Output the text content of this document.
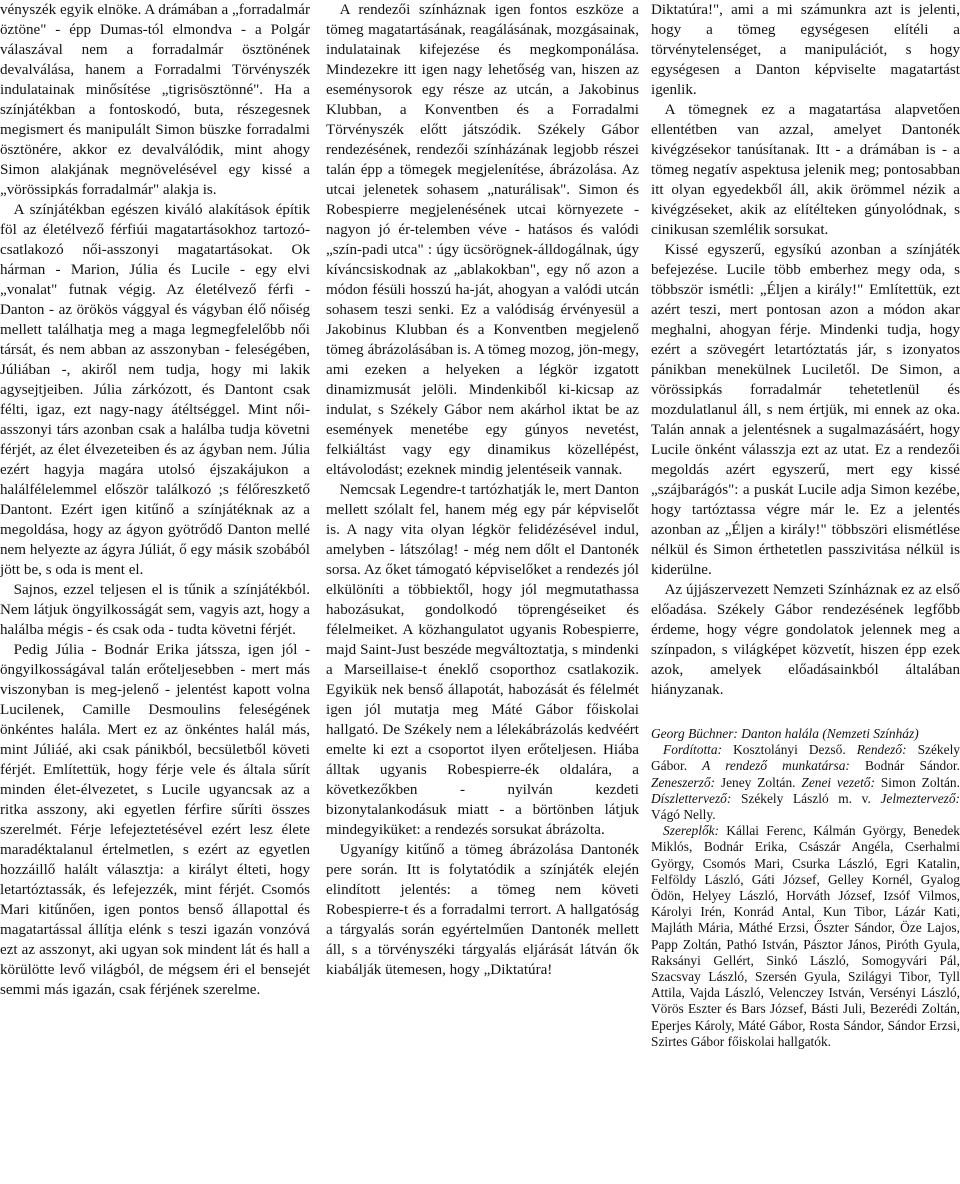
vényszék egyik elnöke. A drámában a „forradalmár öztöne" - épp Dumas-tól elmondva - a Polgár válaszával nem a forradalmár ösztönének devalválása, hanem a Forradalmi Törvényszék indulatainak minősítése „tigrisösztönné". Ha a színjátékban a fontoskodó, buta, részegesnek megismert és manipulált Simon büszke forradalmi ösztönére, akkor ez devalválódik, mint ahogy Simon alakjának megnövelésével egy kissé a „vörössipkás forradalmár" alakja is.

A színjátékban egészen kiváló alakítások építik föl az életélvező férfiúi magatartásokhoz tartozó-csatlakozó női-asszonyi magatartásokat. Ok hárman - Marion, Júlia és Lucile - egy elvi „vonalat" futnak végig. Az életélvező férfi - Danton - az örökös vággyal és vágyban élő nőiség mellett találhatja meg a maga legmegfelelőbb női társát, és nem abban az asszonyban - feleségében, Júliában -, akiről nem tudja, hogy mi lakik agysejtjeiben. Júlia zárkózott, és Dantont csak félti, igaz, ezt nagy-nagy átéltséggel. Mint női-asszonyi társ azonban csak a halálba tudja követni férjét, az élet élvezeteiben és az ágyban nem. Júlia ezért hagyja magára utolsó éjszakájukon a halálfélelemmel először találkozó ;s félőreszkető Dantont. Ezért igen kitűnő a színjátéknak az a megoldása, hogy az ágyon gyötrődő Danton mellé nem helyezte az ágyra Júliát, ő egy másik szobából jött be, s oda is ment el.

Sajnos, ezzel teljesen el is tűnik a színjátékból. Nem látjuk öngyilkosságát sem, vagyis azt, hogy a halálba mégis - és csak oda - tudta követni férjét.

Pedig Júlia - Bodnár Erika játssza, igen jól - öngyilkosságával talán erőteljesebben - mert más viszonyban is meg-jelenő - jelentést kapott volna Lucilenek, Camille Desmoulins feleségének önkéntes halála. Mert ez az önkéntes halál más, mint Júliáé, aki csak pánikból, becsületből követi férjét. Említettük, hogy férje vele és általa sűrít minden élet-élvezetet, s Lucile ugyancsak az a ritka asszony, aki egyetlen férfire sűríti összes szerelmét. Férje lefejeztetésével ezért lesz élete maradéktalanul értelmetlen, s ezért az egyetlen hozzáillő halált választja: a királyt élteti, hogy letartóztassák, és lefejezzék, mint férjét. Csomós Mari kitűnően, igen pontos benső állapottal és magatartással állítja elénk s teszi igazán vonzóvá ezt az asszonyt, aki ugyan sok mindent lát és hall a körülötte levő világból, de mégsem éri el bensejét semmi más igazán, csak férjének szerelme.

A rendezői színháznak igen fontos eszköze a tömeg magatartásának, reagálásának, mozgásainak, indulatainak kifejezése és megkomponálása. Mindezekre itt igen nagy lehetőség van, hiszen az eseménysorok egy része az utcán, a Jakobinus Klubban, a Konventben és a Forradalmi Törvényszék előtt játszódik. Székely Gábor rendezésének, rendezői színházának legjobb részei talán épp a tömegek megjelenítése, ábrázolása. Az utcai jelenetek sohasem „naturálisak". Simon és Robespierre megjelenésének utcai környezete - nagyon jó ér-telemben véve - hatásos és valódi „szín-padi utca" : úgy ücsörögnek-álldogálnak, úgy kíváncsiskodnak az „ablakokban", egy nő azon a módon fésüli hosszú ha-ját, ahogyan a valódi utcán sohasem teszi senki. Ez a valódiság érvényesül a Jakobinus Klubban és a Konventben megjelenő tömeg ábrázolásában is. A tömeg mozog, jön-megy, ami ezeken a helyeken a légkör izgatott dinamizmusát jelöli. Mindenkiből ki-kicsap az indulat, s Székely Gábor nem akárhol iktat be az események menetébe egy gúnyos nevetést, felkiáltást vagy egy dinamikus közellépést, eltávolodást; ezeknek mindig jelentéseik vannak.

Nemcsak Legendre-t tartózhatják le, mert Danton mellett szólalt fel, hanem még egy pár képviselőt is. A nagy vita olyan légkör felidézésével indul, amelyben - látszólag! - még nem dőlt el Dantonék sorsa. Az őket támogató képviselőket a rendezés jól elkülöníti a többiektől, hogy jól megmutathassa habozásukat, gondolkodó töprengéseiket és félelmeiket. A közhangulatot ugyanis Robespierre, majd Saint-Just beszéde megváltoztatja, s mindenki a Marseillaise-t éneklő csoporthoz csatlakozik. Egyikük nek benső állapotát, habozását és félelmét igen jól mutatja meg Máté Gábor főiskolai hallgató. De Székely nem a lélekábrázolás kedvéért emelte ki ezt a csoportot ilyen erőteljesen. Hiába álltak ugyanis Robespierre-ék oldalára, a következőkben - nyilván kezdeti bizonytalankodásuk miatt - a börtönben látjuk mindegyiküket: a rendezés sorsukat ábrázolta.

Ugyanígy kitűnő a tömeg ábrázolása Dantonék pere során. Itt is folytatódik a színjáték elején elindított jelentés: a tömeg nem követi Robespierre-t és a forradalmi terrort. A hallgatóság a tárgyalás során egyértelműen Dantonék mellett áll, s a törvényszéki tárgyalás eljárását látván ők kiabálják ütemesen, hogy „Diktatúra!

Diktatúra!", ami a mi számunkra azt is jelenti, hogy a tömeg egységesen elítéli a törvénytelenséget, a manipulációt, s hogy egységesen a Danton képviselte magatartást igenlik.

A tömegnek ez a magatartása alapvetően ellentétben van azzal, amelyet Dantonék kivégzésekor tanúsítanak. Itt - a drámában is - a tömeg negatív aspektusa jelenik meg; pontosabban itt olyan egyedekből áll, akik örömmel nézik a kivégzéseket, akik az elítélteken gúnyolódnak, s cinikusan szemlélik sorsukat.

Kissé egyszerű, egysíkú azonban a színjáték befejezése. Lucile több emberhez megy oda, s többször ismétli: „Éljen a király!" Említettük, ezt azért teszi, mert pontosan azon a módon akar meghalni, ahogyan férje. Mindenki tudja, hogy ezért a szövegért letartóztatás jár, s izonyatos pánikban menekülnek Luciletől. De Simon, a vörössipkás forradalmár tehetetlenül és mozdulatlanul áll, s nem értjük, mi ennek az oka. Talán annak a jelentésnek a sugalmazásáért, hogy Lucile önként válasszja ezt az utat. Ez a rendezői megoldás azért egyszerű, mert egy kissé „szájbarágós": a puskát Lucile adja Simon kezébe, hogy tartóztassa végre már le. Ez a jelentés azonban az „Éljen a király!" többszöri elismétlése nélkül és Simon érthetetlen passzivitása nélkül is kiderülne.

Az újjászervezett Nemzeti Színháznak ez az első előadása. Székely Gábor rendezésének legfőbb érdeme, hogy végre gondolatok jelennek meg a színpadon, s világképet közvetít, hiszen épp ezek azok, amelyek előadásainkból általában hiányzanak.

Georg Büchner: Danton halála (Nemzeti Színház)

Fordította: Kosztolányi Dezső. Rendező: Székely Gábor. A rendező munkatársa: Bodnár Sándor. Zeneszerző: Jeney Zoltán. Zenei vezető: Simon Zoltán. Díszlettervező: Székely László m. v. Jelmeztervező: Vágó Nelly.

Szereplők: Kállai Ferenc, Kálmán György, Benedek Miklós, Bodnár Erika, Császár Angéla, Cserhalmi György, Csomós Mari, Csurka László, Egri Katalin, Felföldy László, Gáti József, Gelley Kornél, Gyalog Ödön, Helyey László, Horváth József, Izsóf Vilmos, Károlyi Irén, Konrád Antal, Kun Tibor, Lázár Kati, Majláth Mária, Máthé Erzsi, Őszter Sándor, Öze Lajos, Papp Zoltán, Pathó István, Pásztor János, Piróth Gyula, Raksányi Gellért, Sinkó László, Somogyvári Pál, Szacsvay László, Szersén Gyula, Szilágyi Tibor, Tyll Attila, Vajda László, Velenczey István, Versényi László, Vörös Eszter és Bars József, Básti Juli, Bezerédi Zoltán, Eperjes Károly, Máté Gábor, Rosta Sándor, Sándor Erzsi, Szirtes Gábor főiskolai hallgatók.
